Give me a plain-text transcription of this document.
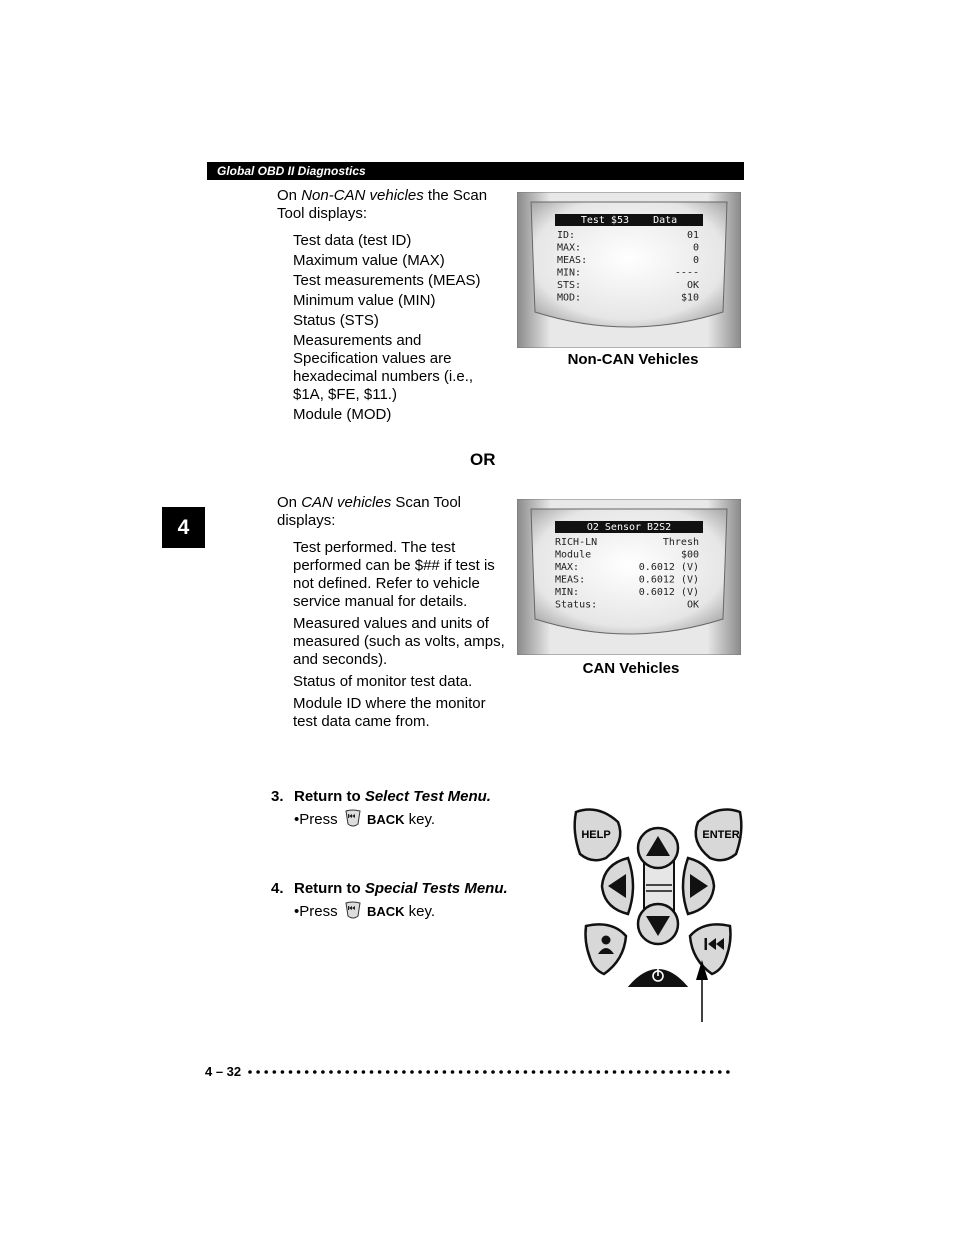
Global OBD II Diagnostics
4
On Non-CAN vehicles the Scan Tool displays:
Test data (test ID)
Maximum value (MAX)
Test measurements (MEAS)
Minimum value (MIN)
Status (STS)
Measurements and Specification values are hexadecimal numbers (i.e., $1A, $FE, $11.)
Module (MOD)
Test $53    Data
ID:	01
MAX:	0
MEAS:	0
MIN:	----
STS:	OK
MOD:	$10
Non-CAN Vehicles
OR
On CAN vehicles Scan Tool displays:
Test performed. The test performed can be $## if test is not defined. Refer to vehicle service manual for details.
Measured values and units of measured (such as volts, amps, and seconds).
Status of monitor test data.
Module ID where the monitor test data came from.
O2 Sensor B2S2
RICH-LN	Thresh
Module	$00
MAX:	0.6012 (V)
MEAS:	0.6012 (V)
MIN:	0.6012 (V)
Status:	OK
CAN Vehicles
3. Return to Select Test Menu.
•Press BACK key.
4. Return to Special Tests Menu.
•Press BACK key.
HELP	ENTER
4 – 32
